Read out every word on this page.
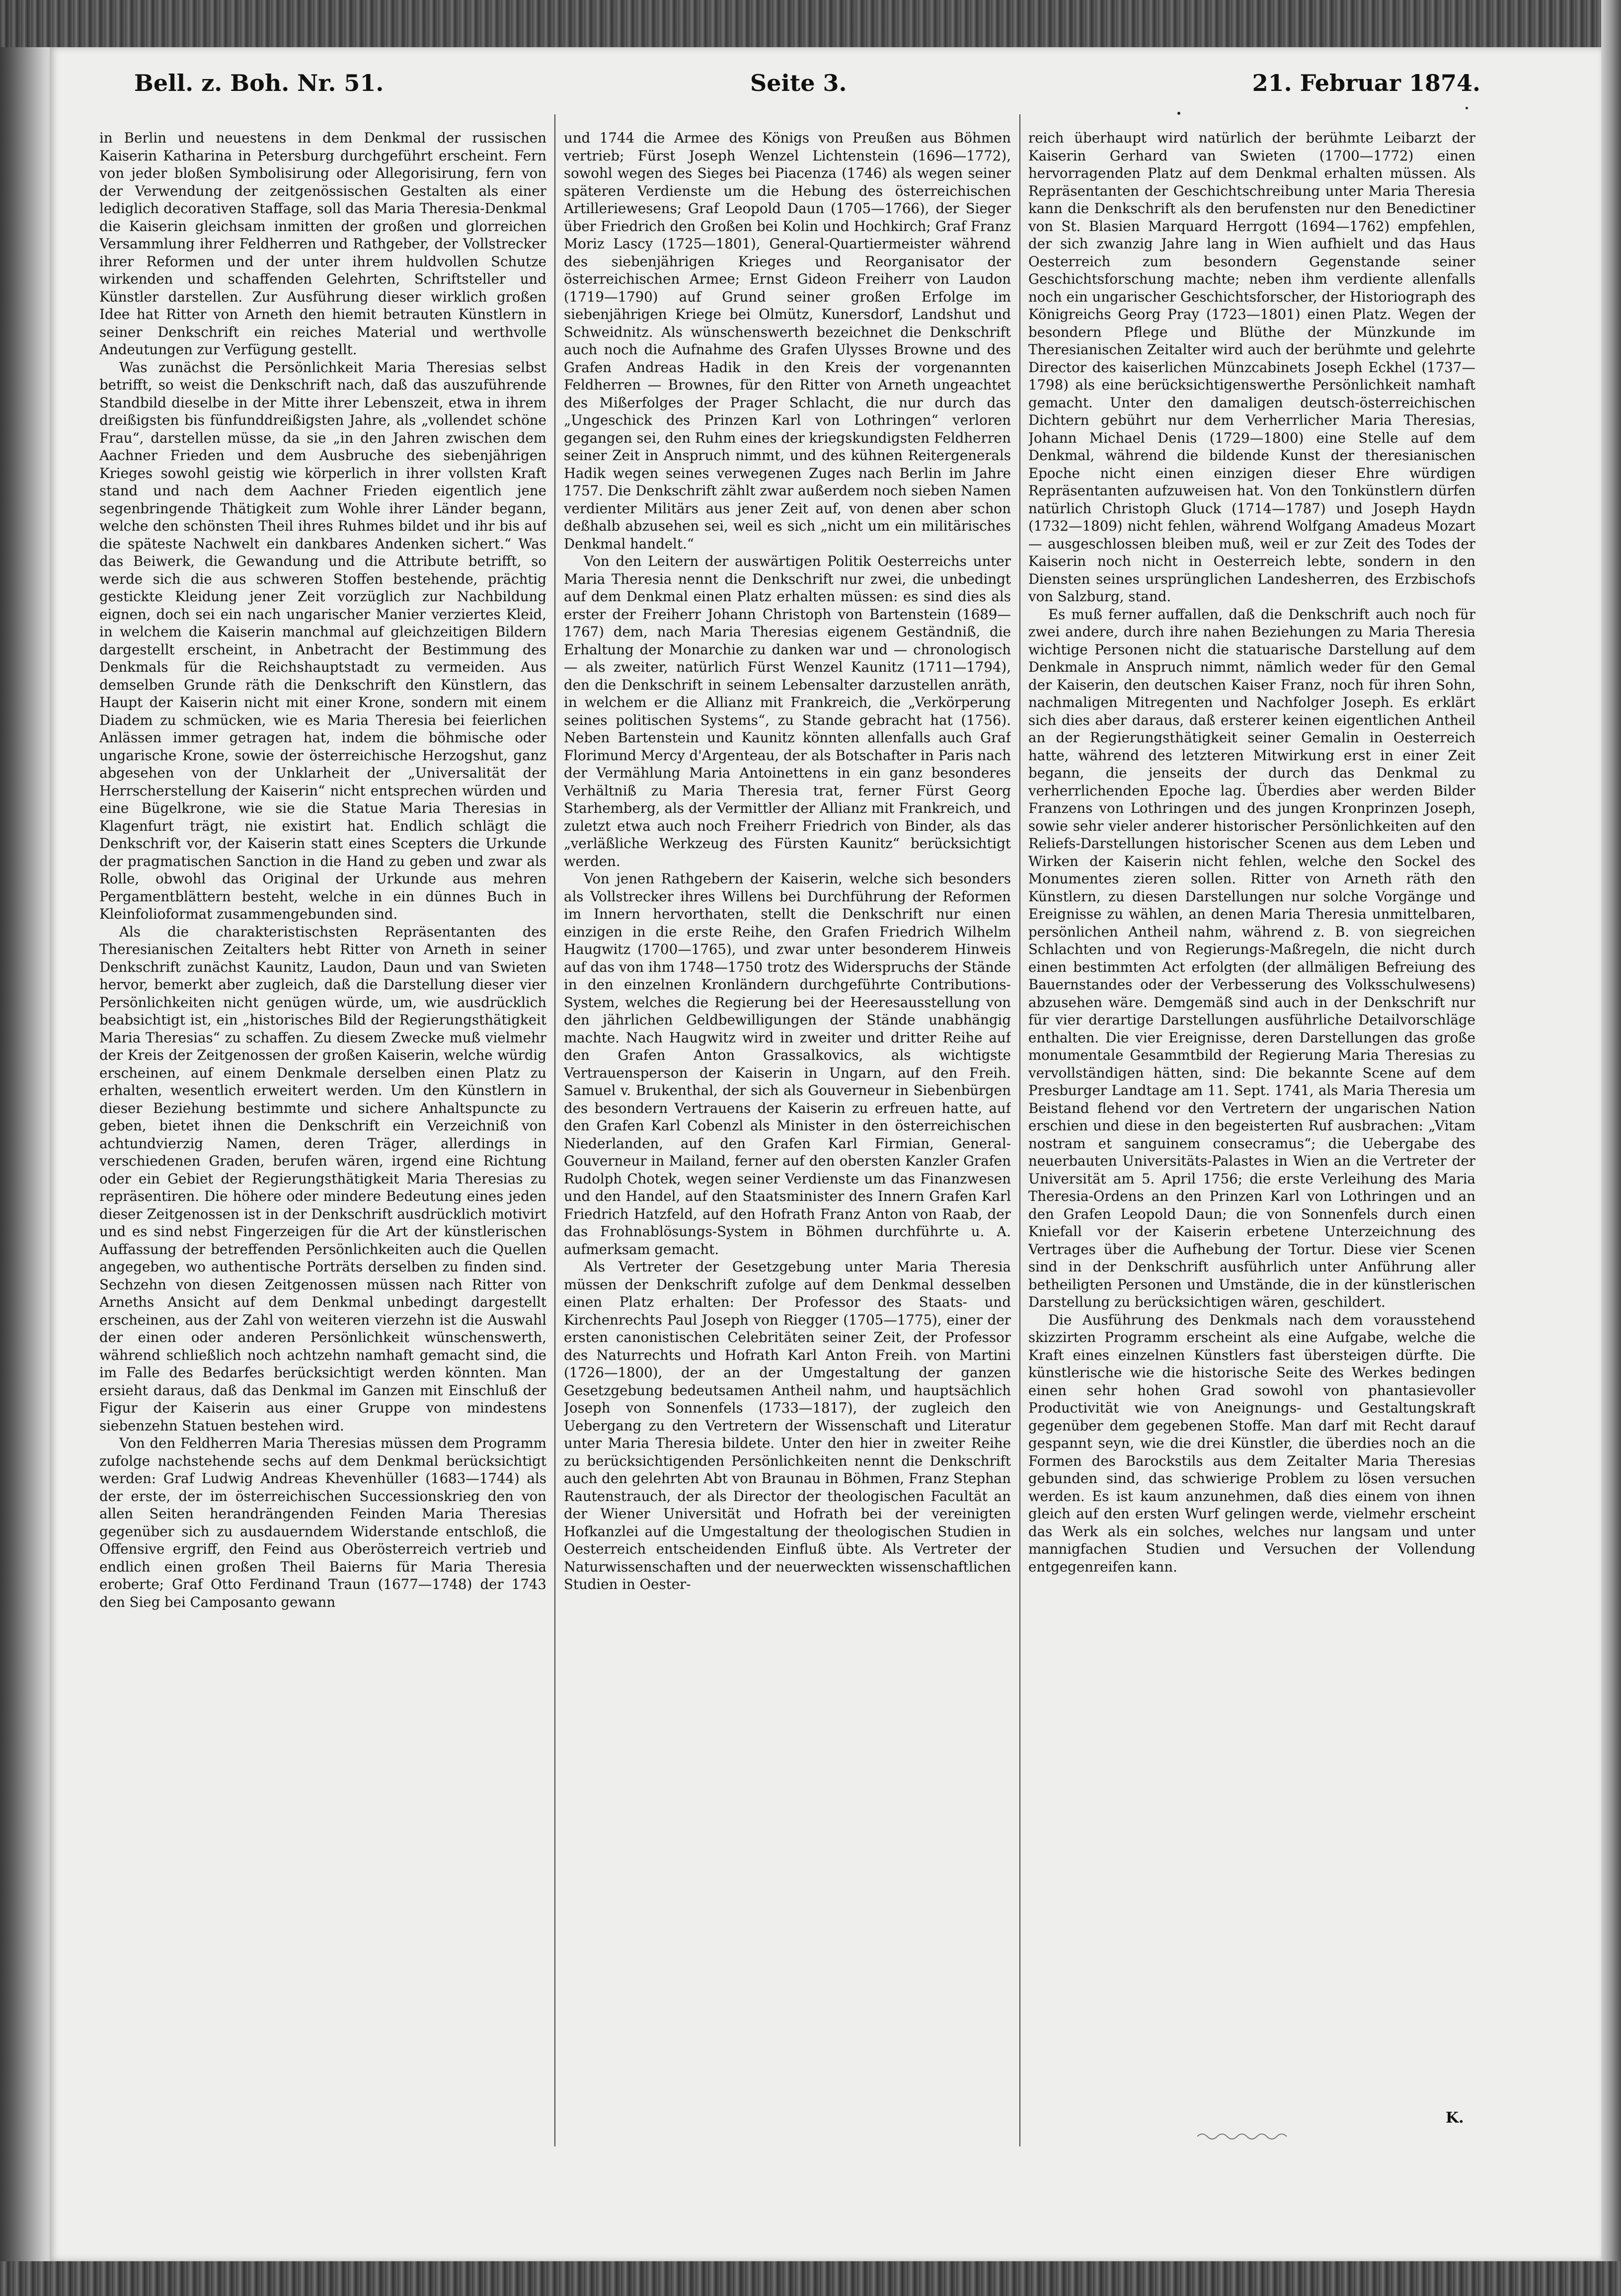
Bell. z. Boh. Nr. 51.	Seite 3.	21. Februar 1874.

in Berlin und neuestens in dem Denkmal der russischen Kaiserin Katharina in Petersburg durchgeführt erscheint. Fern von jeder bloßen Symbolisirung oder Allegorisirung, fern von der Verwendung der zeitgenössischen Gestalten als einer lediglich decorativen Staffage, soll das Maria Theresia-Denkmal die Kaiserin gleichsam inmitten der großen und glorreichen Versammlung ihrer Feldherren und Rathgeber, der Vollstrecker ihrer Reformen und der unter ihrem huldvollen Schutze wirkenden und schaffenden Gelehrten, Schriftsteller und Künstler darstellen. Zur Ausführung dieser wirklich großen Idee hat Ritter von Arneth den hiemit betrauten Künstlern in seiner Denkschrift ein reiches Material und werthvolle Andeutungen zur Verfügung gestellt.

Was zunächst die Persönlichkeit Maria Theresias selbst betrifft, so weist die Denkschrift nach, daß das auszuführende Standbild dieselbe in der Mitte ihrer Lebenszeit, etwa in ihrem dreißigsten bis fünfunddreißigsten Jahre, als „vollendet schöne Frau“, darstellen müsse, da sie „in den Jahren zwischen dem Aachner Frieden und dem Ausbruche des siebenjährigen Krieges sowohl geistig wie körperlich in ihrer vollsten Kraft stand und nach dem Aachner Frieden eigentlich jene segenbringende Thätigkeit zum Wohle ihrer Länder begann, welche den schönsten Theil ihres Ruhmes bildet und ihr bis auf die späteste Nachwelt ein dankbares Andenken sichert.“ Was das Beiwerk, die Gewandung und die Attribute betrifft, so werde sich die aus schweren Stoffen bestehende, prächtig gestickte Kleidung jener Zeit vorzüglich zur Nachbildung eignen, doch sei ein nach ungarischer Manier verziertes Kleid, in welchem die Kaiserin manchmal auf gleichzeitigen Bildern dargestellt erscheint, in Anbetracht der Bestimmung des Denkmals für die Reichshauptstadt zu vermeiden. Aus demselben Grunde räth die Denkschrift den Künstlern, das Haupt der Kaiserin nicht mit einer Krone, sondern mit einem Diadem zu schmücken, wie es Maria Theresia bei feierlichen Anlässen immer getragen hat, indem die böhmische oder ungarische Krone, sowie der österreichische Herzogshut, ganz abgesehen von der Unklarheit der „Universalität der Herrscherstellung der Kaiserin“ nicht entsprechen würden und eine Bügelkrone, wie sie die Statue Maria Theresias in Klagenfurt trägt, nie existirt hat. Endlich schlägt die Denkschrift vor, der Kaiserin statt eines Scepters die Urkunde der pragmatischen Sanction in die Hand zu geben und zwar als Rolle, obwohl das Original der Urkunde aus mehren Pergamentblättern besteht, welche in ein dünnes Buch in Kleinfolioformat zusammengebunden sind.

Als die charakteristischsten Repräsentanten des Theresianischen Zeitalters hebt Ritter von Arneth in seiner Denkschrift zunächst Kaunitz, Laudon, Daun und van Swieten hervor, bemerkt aber zugleich, daß die Darstellung dieser vier Persönlichkeiten nicht genügen würde, um, wie ausdrücklich beabsichtigt ist, ein „historisches Bild der Regierungsthätigkeit Maria Theresias“ zu schaffen. Zu diesem Zwecke muß vielmehr der Kreis der Zeitgenossen der großen Kaiserin, welche würdig erscheinen, auf einem Denkmale derselben einen Platz zu erhalten, wesentlich erweitert werden. Um den Künstlern in dieser Beziehung bestimmte und sichere Anhaltspuncte zu geben, bietet ihnen die Denkschrift ein Verzeichniß von achtundvierzig Namen, deren Träger, allerdings in verschiedenen Graden, berufen wären, irgend eine Richtung oder ein Gebiet der Regierungsthätigkeit Maria Theresias zu repräsentiren. Die höhere oder mindere Bedeutung eines jeden dieser Zeitgenossen ist in der Denkschrift ausdrücklich motivirt und es sind nebst Fingerzeigen für die Art der künstlerischen Auffassung der betreffenden Persönlichkeiten auch die Quellen angegeben, wo authentische Porträts derselben zu finden sind. Sechzehn von diesen Zeitgenossen müssen nach Ritter von Arneths Ansicht auf dem Denkmal unbedingt dargestellt erscheinen, aus der Zahl von weiteren vierzehn ist die Auswahl der einen oder anderen Persönlichkeit wünschenswerth, während schließlich noch achtzehn namhaft gemacht sind, die im Falle des Bedarfes berücksichtigt werden könnten. Man ersieht daraus, daß das Denkmal im Ganzen mit Einschluß der Figur der Kaiserin aus einer Gruppe von mindestens siebenzehn Statuen bestehen wird.

Von den Feldherren Maria Theresias müssen dem Programm zufolge nachstehende sechs auf dem Denkmal berücksichtigt werden: Graf Ludwig Andreas Khevenhüller (1683—1744) als der erste, der im österreichischen Successionskrieg den von allen Seiten herandrängenden Feinden Maria Theresias gegenüber sich zu ausdauerndem Widerstande entschloß, die Offensive ergriff, den Feind aus Oberösterreich vertrieb und endlich einen großen Theil Baierns für Maria Theresia eroberte; Graf Otto Ferdinand Traun (1677—1748) der 1743 den Sieg bei Camposanto gewann

und 1744 die Armee des Königs von Preußen aus Böhmen vertrieb; Fürst Joseph Wenzel Lichtenstein (1696—1772), sowohl wegen des Sieges bei Piacenza (1746) als wegen seiner späteren Verdienste um die Hebung des österreichischen Artilleriewesens; Graf Leopold Daun (1705—1766), der Sieger über Friedrich den Großen bei Kolin und Hochkirch; Graf Franz Moriz Lascy (1725—1801), General-Quartiermeister während des siebenjährigen Krieges und Reorganisator der österreichischen Armee; Ernst Gideon Freiherr von Laudon (1719—1790) auf Grund seiner großen Erfolge im siebenjährigen Kriege bei Olmütz, Kunersdorf, Landshut und Schweidnitz. Als wünschenswerth bezeichnet die Denkschrift auch noch die Aufnahme des Grafen Ulysses Browne und des Grafen Andreas Hadik in den Kreis der vorgenannten Feldherren — Brownes, für den Ritter von Arneth ungeachtet des Mißerfolges der Prager Schlacht, die nur durch das „Ungeschick des Prinzen Karl von Lothringen“ verloren gegangen sei, den Ruhm eines der kriegskundigsten Feldherren seiner Zeit in Anspruch nimmt, und des kühnen Reitergenerals Hadik wegen seines verwegenen Zuges nach Berlin im Jahre 1757. Die Denkschrift zählt zwar außerdem noch sieben Namen verdienter Militärs aus jener Zeit auf, von denen aber schon deßhalb abzusehen sei, weil es sich „nicht um ein militärisches Denkmal handelt.“

Von den Leitern der auswärtigen Politik Oesterreichs unter Maria Theresia nennt die Denkschrift nur zwei, die unbedingt auf dem Denkmal einen Platz erhalten müssen: es sind dies als erster der Freiherr Johann Christoph von Bartenstein (1689—1767) dem, nach Maria Theresias eigenem Geständniß, die Erhaltung der Monarchie zu danken war und — chronologisch — als zweiter, natürlich Fürst Wenzel Kaunitz (1711—1794), den die Denkschrift in seinem Lebensalter darzustellen anräth, in welchem er die Allianz mit Frankreich, die „Verkörperung seines politischen Systems“, zu Stande gebracht hat (1756). Neben Bartenstein und Kaunitz könnten allenfalls auch Graf Florimund Mercy d'Argenteau, der als Botschafter in Paris nach der Vermählung Maria Antoinettens in ein ganz besonderes Verhältniß zu Maria Theresia trat, ferner Fürst Georg Starhemberg, als der Vermittler der Allianz mit Frankreich, und zuletzt etwa auch noch Freiherr Friedrich von Binder, als das „verläßliche Werkzeug des Fürsten Kaunitz“ berücksichtigt werden.

Von jenen Rathgebern der Kaiserin, welche sich besonders als Vollstrecker ihres Willens bei Durchführung der Reformen im Innern hervorthaten, stellt die Denkschrift nur einen einzigen in die erste Reihe, den Grafen Friedrich Wilhelm Haugwitz (1700—1765), und zwar unter besonderem Hinweis auf das von ihm 1748—1750 trotz des Widerspruchs der Stände in den einzelnen Kronländern durchgeführte Contributions-System, welches die Regierung bei der Heeresausstellung von den jährlichen Geldbewilligungen der Stände unabhängig machte. Nach Haugwitz wird in zweiter und dritter Reihe auf den Grafen Anton Grassalkovics, als wichtigste Vertrauensperson der Kaiserin in Ungarn, auf den Freih. Samuel v. Brukenthal, der sich als Gouverneur in Siebenbürgen des besondern Vertrauens der Kaiserin zu erfreuen hatte, auf den Grafen Karl Cobenzl als Minister in den österreichischen Niederlanden, auf den Grafen Karl Firmian, General-Gouverneur in Mailand, ferner auf den obersten Kanzler Grafen Rudolph Chotek, wegen seiner Verdienste um das Finanzwesen und den Handel, auf den Staatsminister des Innern Grafen Karl Friedrich Hatzfeld, auf den Hofrath Franz Anton von Raab, der das Frohnablösungs-System in Böhmen durchführte u. A. aufmerksam gemacht.

Als Vertreter der Gesetzgebung unter Maria Theresia müssen der Denkschrift zufolge auf dem Denkmal desselben einen Platz erhalten: Der Professor des Staats- und Kirchenrechts Paul Joseph von Riegger (1705—1775), einer der ersten canonistischen Celebritäten seiner Zeit, der Professor des Naturrechts und Hofrath Karl Anton Freih. von Martini (1726—1800), der an der Umgestaltung der ganzen Gesetzgebung bedeutsamen Antheil nahm, und hauptsächlich Joseph von Sonnenfels (1733—1817), der zugleich den Uebergang zu den Vertretern der Wissenschaft und Literatur unter Maria Theresia bildete. Unter den hier in zweiter Reihe zu berücksichtigenden Persönlichkeiten nennt die Denkschrift auch den gelehrten Abt von Braunau in Böhmen, Franz Stephan Rautenstrauch, der als Director der theologischen Facultät an der Wiener Universität und Hofrath bei der vereinigten Hofkanzlei auf die Umgestaltung der theologischen Studien in Oesterreich entscheidenden Einfluß übte. Als Vertreter der Naturwissenschaften und der neuerweckten wissenschaftlichen Studien in Oester-

reich überhaupt wird natürlich der berühmte Leibarzt der Kaiserin Gerhard van Swieten (1700—1772) einen hervorragenden Platz auf dem Denkmal erhalten müssen. Als Repräsentanten der Geschichtschreibung unter Maria Theresia kann die Denkschrift als den berufensten nur den Benedictiner von St. Blasien Marquard Herrgott (1694—1762) empfehlen, der sich zwanzig Jahre lang in Wien aufhielt und das Haus Oesterreich zum besondern Gegenstande seiner Geschichtsforschung machte; neben ihm verdiente allenfalls noch ein ungarischer Geschichtsforscher, der Historiograph des Königreichs Georg Pray (1723—1801) einen Platz. Wegen der besondern Pflege und Blüthe der Münzkunde im Theresianischen Zeitalter wird auch der berühmte und gelehrte Director des kaiserlichen Münzcabinets Joseph Eckhel (1737—1798) als eine berücksichtigenswerthe Persönlichkeit namhaft gemacht. Unter den damaligen deutsch-österreichischen Dichtern gebührt nur dem Verherrlicher Maria Theresias, Johann Michael Denis (1729—1800) eine Stelle auf dem Denkmal, während die bildende Kunst der theresianischen Epoche nicht einen einzigen dieser Ehre würdigen Repräsentanten aufzuweisen hat. Von den Tonkünstlern dürfen natürlich Christoph Gluck (1714—1787) und Joseph Haydn (1732—1809) nicht fehlen, während Wolfgang Amadeus Mozart — ausgeschlossen bleiben muß, weil er zur Zeit des Todes der Kaiserin noch nicht in Oesterreich lebte, sondern in den Diensten seines ursprünglichen Landesherren, des Erzbischofs von Salzburg, stand.

Es muß ferner auffallen, daß die Denkschrift auch noch für zwei andere, durch ihre nahen Beziehungen zu Maria Theresia wichtige Personen nicht die statuarische Darstellung auf dem Denkmale in Anspruch nimmt, nämlich weder für den Gemal der Kaiserin, den deutschen Kaiser Franz, noch für ihren Sohn, nachmaligen Mitregenten und Nachfolger Joseph. Es erklärt sich dies aber daraus, daß ersterer keinen eigentlichen Antheil an der Regierungsthätigkeit seiner Gemalin in Oesterreich hatte, während des letzteren Mitwirkung erst in einer Zeit begann, die jenseits der durch das Denkmal zu verherrlichenden Epoche lag. Überdies aber werden Bilder Franzens von Lothringen und des jungen Kronprinzen Joseph, sowie sehr vieler anderer historischer Persönlichkeiten auf den Reliefs-Darstellungen historischer Scenen aus dem Leben und Wirken der Kaiserin nicht fehlen, welche den Sockel des Monumentes zieren sollen. Ritter von Arneth räth den Künstlern, zu diesen Darstellungen nur solche Vorgänge und Ereignisse zu wählen, an denen Maria Theresia unmittelbaren, persönlichen Antheil nahm, während z. B. von siegreichen Schlachten und von Regierungs-Maßregeln, die nicht durch einen bestimmten Act erfolgten (der allmäligen Befreiung des Bauernstandes oder der Verbesserung des Volksschulwesens) abzusehen wäre. Demgemäß sind auch in der Denkschrift nur für vier derartige Darstellungen ausführliche Detailvorschläge enthalten. Die vier Ereignisse, deren Darstellungen das große monumentale Gesammtbild der Regierung Maria Theresias zu vervollständigen hätten, sind: Die bekannte Scene auf dem Presburger Landtage am 11. Sept. 1741, als Maria Theresia um Beistand flehend vor den Vertretern der ungarischen Nation erschien und diese in den begeisterten Ruf ausbrachen: „Vitam nostram et sanguinem consecramus“; die Uebergabe des neuerbauten Universitäts-Palastes in Wien an die Vertreter der Universität am 5. April 1756; die erste Verleihung des Maria Theresia-Ordens an den Prinzen Karl von Lothringen und an den Grafen Leopold Daun; die von Sonnenfels durch einen Kniefall vor der Kaiserin erbetene Unterzeichnung des Vertrages über die Aufhebung der Tortur. Diese vier Scenen sind in der Denkschrift ausführlich unter Anführung aller betheiligten Personen und Umstände, die in der künstlerischen Darstellung zu berücksichtigen wären, geschildert.

Die Ausführung des Denkmals nach dem vorausstehend skizzirten Programm erscheint als eine Aufgabe, welche die Kraft eines einzelnen Künstlers fast übersteigen dürfte. Die künstlerische wie die historische Seite des Werkes bedingen einen sehr hohen Grad sowohl von phantasievoller Productivität wie von Aneignungs- und Gestaltungskraft gegenüber dem gegebenen Stoffe. Man darf mit Recht darauf gespannt seyn, wie die drei Künstler, die überdies noch an die Formen des Barockstils aus dem Zeitalter Maria Theresias gebunden sind, das schwierige Problem zu lösen versuchen werden. Es ist kaum anzunehmen, daß dies einem von ihnen gleich auf den ersten Wurf gelingen werde, vielmehr erscheint das Werk als ein solches, welches nur langsam und unter mannigfachen Studien und Versuchen der Vollendung entgegenreifen kann.

K.
